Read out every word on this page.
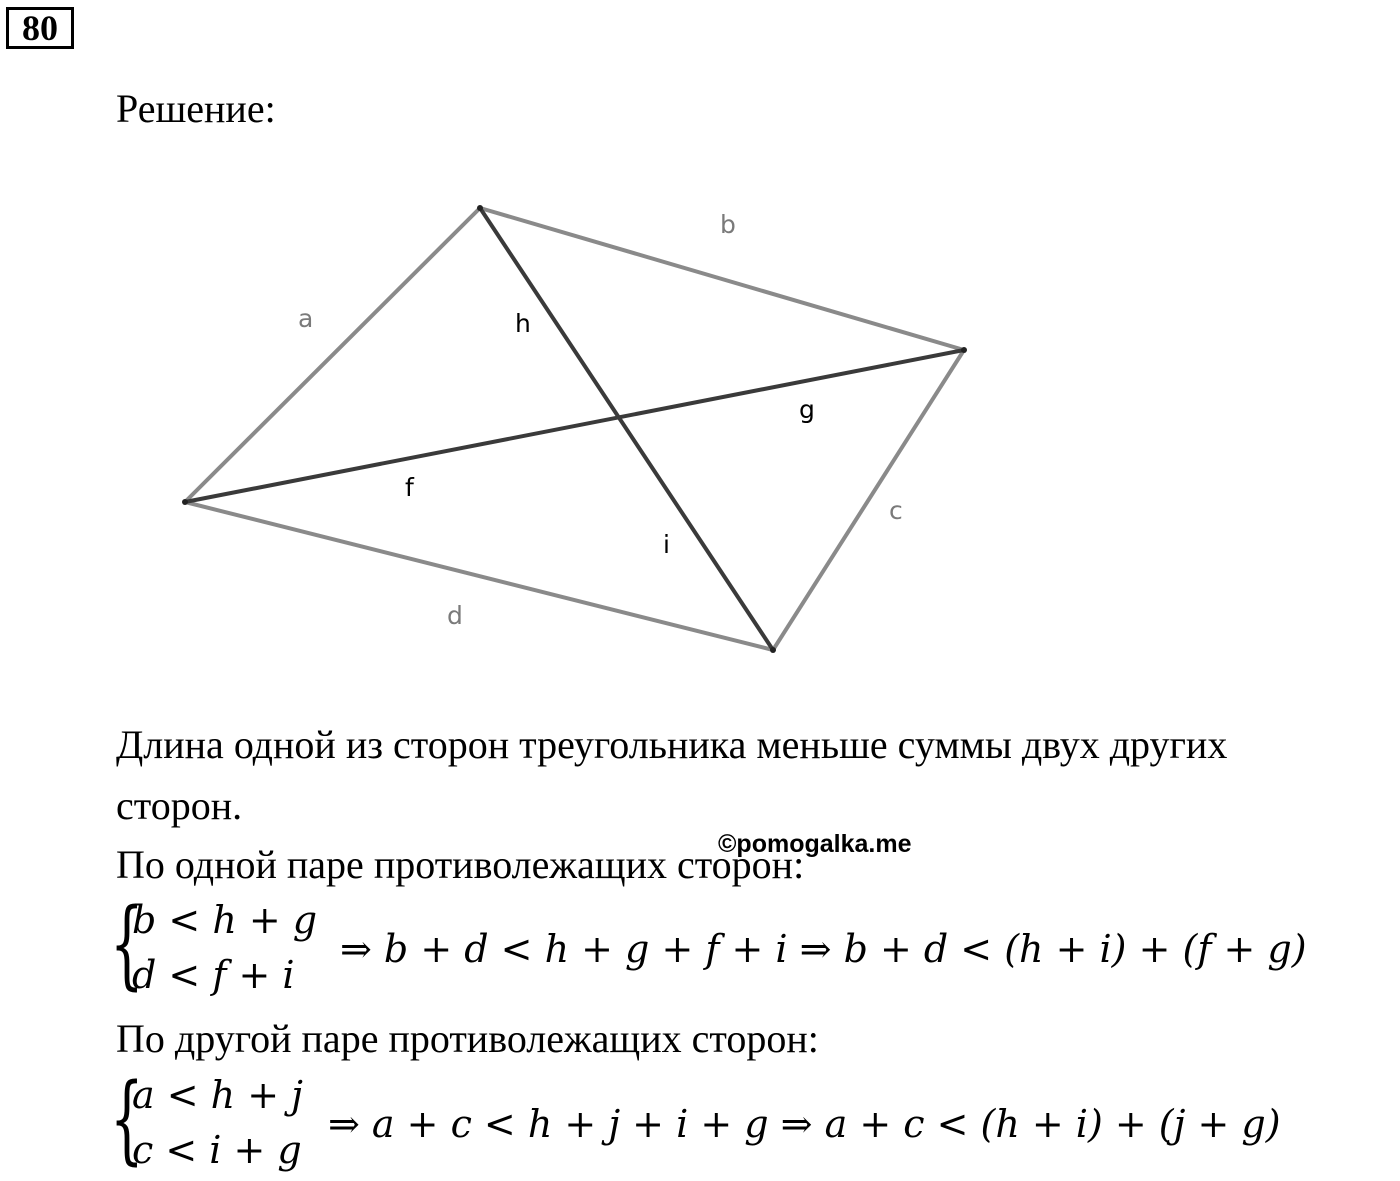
80
Решение:
a
b
c
d
h
g
f
i
Длина одной из сторон треугольника меньше суммы двух других
сторон.
По одной паре противолежащих сторон:
©pomogalka.me
{
b < h + g
d < f + i
⇒ b + d < h + g + f + i ⇒ b + d < (h + i) + (f + g)
По другой паре противолежащих сторон:
{
a < h + j
c < i + g
⇒ a + c < h + j + i + g ⇒ a + c < (h + i) + (j + g)
